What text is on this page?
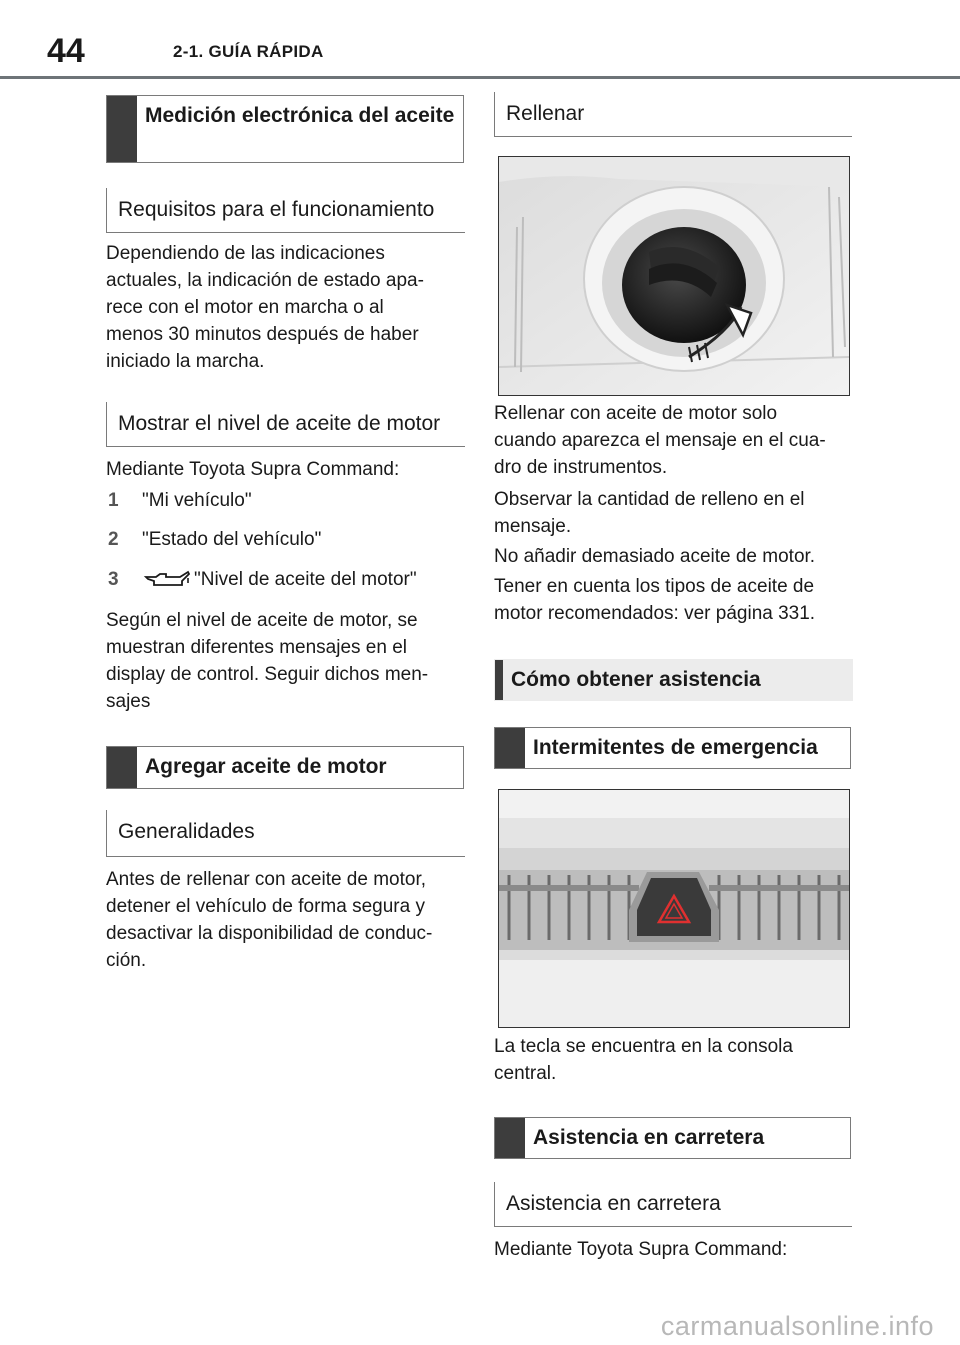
44	2-1. GUÍA RÁPIDA
Medición electrónica del aceite
Requisitos para el funcionamiento
Dependiendo de las indicaciones
actuales, la indicación de estado apa-
rece con el motor en marcha o al
menos 30 minutos después de haber
iniciado la marcha.
Mostrar el nivel de aceite de motor
Mediante Toyota Supra Command:
1 "Mi vehículo"
2 "Estado del vehículo"
3	"Nivel de aceite del motor"
Según el nivel de aceite de motor, se
muestran diferentes mensajes en el
display de control. Seguir dichos men-
sajes
Agregar aceite de motor
Generalidades
Antes de rellenar con aceite de motor,
detener el vehículo de forma segura y
desactivar la disponibilidad de conduc-
ción.
Rellenar
Rellenar con aceite de motor solo
cuando aparezca el mensaje en el cua-
dro de instrumentos.
Observar la cantidad de relleno en el
mensaje.
No añadir demasiado aceite de motor.
Tener en cuenta los tipos de aceite de
motor recomendados: ver página 331.
Cómo obtener asistencia
Intermitentes de emergencia
La tecla se encuentra en la consola
central.
Asistencia en carretera
Asistencia en carretera
Mediante Toyota Supra Command:
carmanualsonline.info
